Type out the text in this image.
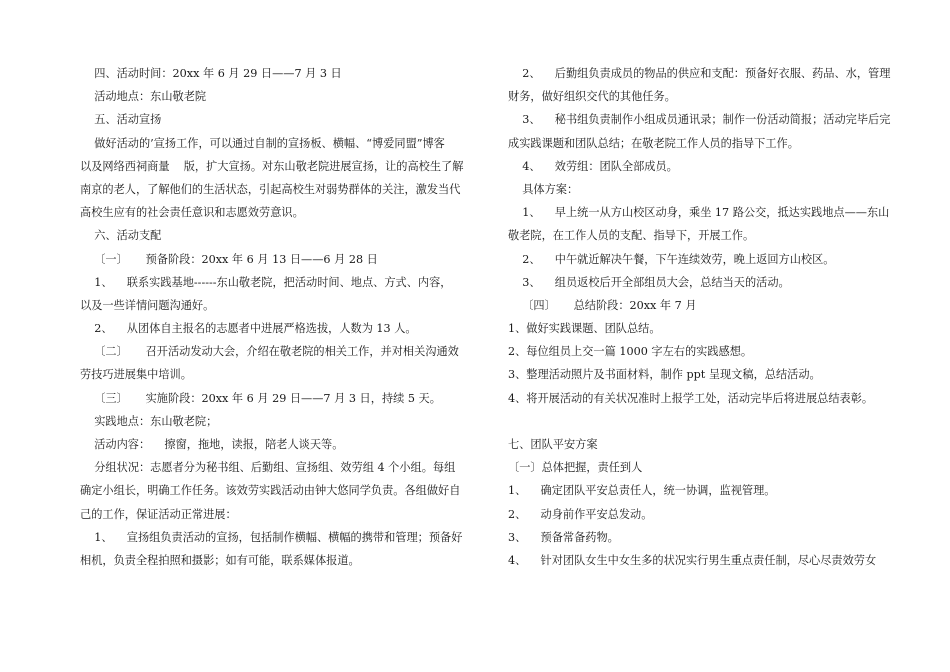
四、活动时间：20xx 年 6 月 29 日——7 月 3 日
活动地点：东山敬老院
五、活动宣扬
做好活动的’宣扬工作，可以通过自制的宣扬板、横幅、“博爱同盟”博客
以及网络西祠商量    版，扩大宣扬。对东山敬老院进展宣扬，让的高校生了解
南京的老人，了解他们的生活状态，引起高校生对弱势群体的关注，激发当代
高校生应有的社会责任意识和志愿效劳意识。
六、活动支配
〔一〕     预备阶段：20xx 年 6 月 13 日——6 月 28 日
1、    联系实践基地------东山敬老院，把活动时间、地点、方式、内容，
以及一些详情问题沟通好。
2、    从团体自主报名的志愿者中进展严格选拔，人数为 13 人。
〔二〕     召开活动发动大会，介绍在敬老院的相关工作，并对相关沟通效
劳技巧进展集中培训。
〔三〕     实施阶段：20xx 年 6 月 29 日——7 月 3 日，持续 5 天。
实践地点：东山敬老院；
活动内容：    擦窗，拖地，读报，陪老人谈天等。
分组状况：志愿者分为秘书组、后勤组、宣扬组、效劳组 4 个小组。每组
确定小组长，明确工作任务。该效劳实践活动由钟大悠同学负责。各组做好自
己的工作，保证活动正常进展：
1、    宣扬组负责活动的宣扬，包括制作横幅、横幅的携带和管理；预备好
相机，负责全程拍照和摄影；如有可能，联系媒体报道。
2、    后勤组负责成员的物品的供应和支配：预备好衣服、药品、水，管理
财务，做好组织交代的其他任务。
3、    秘书组负责制作小组成员通讯录；制作一份活动简报；活动完毕后完
成实践课题和团队总结；在敬老院工作人员的指导下工作。
4、    效劳组：团队全部成员。
具体方案：
1、    早上统一从方山校区动身，乘坐 17 路公交，抵达实践地点——东山
敬老院，在工作人员的支配、指导下，开展工作。
2、    中午就近解决午餐，下午连续效劳，晚上返回方山校区。
3、    组员返校后开全部组员大会，总结当天的活动。
〔四〕     总结阶段：20xx 年 7 月
1、做好实践课题、团队总结。
2、每位组员上交一篇 1000 字左右的实践感想。
3、整理活动照片及书面材料，制作 ppt 呈现文稿，总结活动。
4、将开展活动的有关状况准时上报学工处，活动完毕后将进展总结表彰。
七、团队平安方案
〔一〕总体把握，责任到人
1、    确定团队平安总责任人，统一协调，监视管理。
2、    动身前作平安总发动。
3、    预备常备药物。
4、    针对团队女生中女生多的状况实行男生重点责任制，尽心尽责效劳女
